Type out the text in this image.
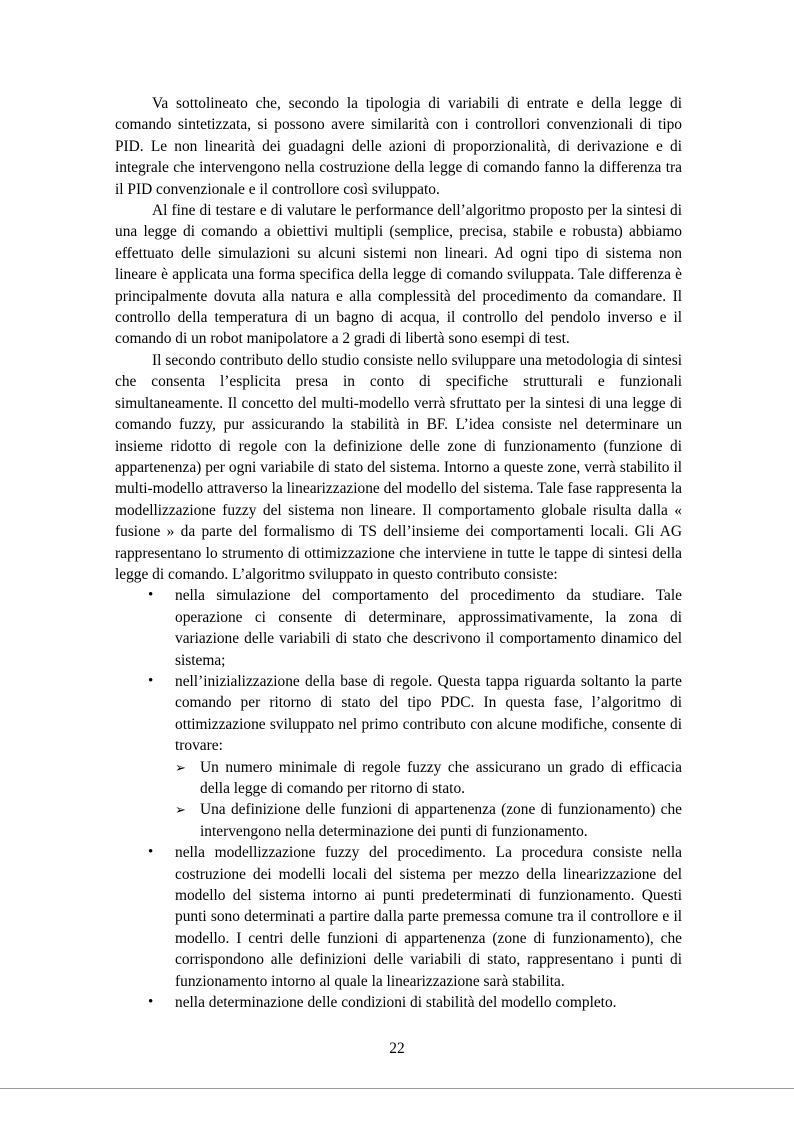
Va sottolineato che, secondo la tipologia di variabili di entrate e della legge di comando sintetizzata, si possono avere similarità con i controllori convenzionali di tipo PID. Le non linearità dei guadagni delle azioni di proporzionalità, di derivazione e di integrale che intervengono nella costruzione della legge di comando fanno la differenza tra il PID convenzionale e il controllore così sviluppato.

Al fine di testare e di valutare le performance dell’algoritmo proposto per la sintesi di una legge di comando a obiettivi multipli (semplice, precisa, stabile e robusta) abbiamo effettuato delle simulazioni su alcuni sistemi non lineari. Ad ogni tipo di sistema non lineare è applicata una forma specifica della legge di comando sviluppata. Tale differenza è principalmente dovuta alla natura e alla complessità del procedimento da comandare. Il controllo della temperatura di un bagno di acqua, il controllo del pendolo inverso e il comando di un robot manipolatore a 2 gradi di libertà sono esempi di test.

Il secondo contributo dello studio consiste nello sviluppare una metodologia di sintesi che consenta l’esplicita presa in conto di specifiche strutturali e funzionali simultaneamente. Il concetto del multi-modello verrà sfruttato per la sintesi di una legge di comando fuzzy, pur assicurando la stabilità in BF. L’idea consiste nel determinare un insieme ridotto di regole con la definizione delle zone di funzionamento (funzione di appartenenza) per ogni variabile di stato del sistema. Intorno a queste zone, verrà stabilito il multi-modello attraverso la linearizzazione del modello del sistema. Tale fase rappresenta la modellizzazione fuzzy del sistema non lineare. Il comportamento globale risulta dalla « fusione » da parte del formalismo di TS dell’insieme dei comportamenti locali. Gli AG rappresentano lo strumento di ottimizzazione che interviene in tutte le tappe di sintesi della legge di comando. L’algoritmo sviluppato in questo contributo consiste:

• nella simulazione del comportamento del procedimento da studiare. Tale operazione ci consente di determinare, approssimativamente, la zona di variazione delle variabili di stato che descrivono il comportamento dinamico del sistema;
• nell’inizializzazione della base di regole. Questa tappa riguarda soltanto la parte comando per ritorno di stato del tipo PDC. In questa fase, l’algoritmo di ottimizzazione sviluppato nel primo contributo con alcune modifiche, consente di trovare:
➢ Un numero minimale di regole fuzzy che assicurano un grado di efficacia della legge di comando per ritorno di stato.
➢ Una definizione delle funzioni di appartenenza (zone di funzionamento) che intervengono nella determinazione dei punti di funzionamento.
• nella modellizzazione fuzzy del procedimento. La procedura consiste nella costruzione dei modelli locali del sistema per mezzo della linearizzazione del modello del sistema intorno ai punti predeterminati di funzionamento. Questi punti sono determinati a partire dalla parte premessa comune tra il controllore e il modello. I centri delle funzioni di appartenenza (zone di funzionamento), che corrispondono alle definizioni delle variabili di stato, rappresentano i punti di funzionamento intorno al quale la linearizzazione sarà stabilita.
• nella determinazione delle condizioni di stabilità del modello completo.
22
